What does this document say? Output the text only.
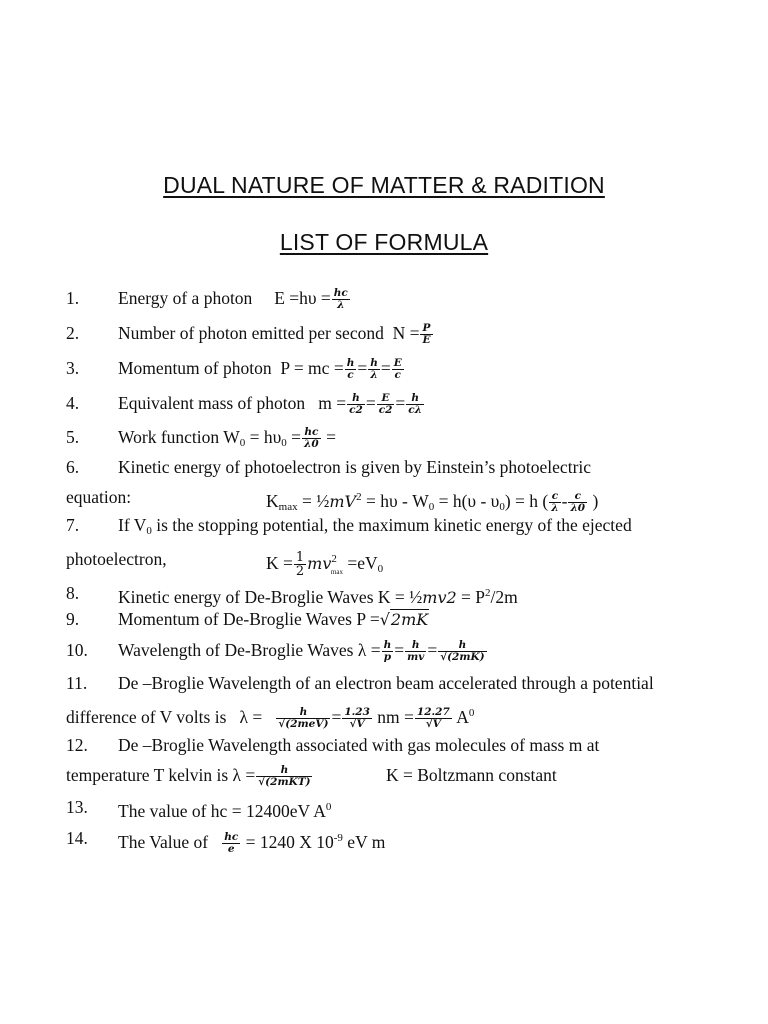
DUAL NATURE OF MATTER & RADITION
LIST OF FORMULA
1. Energy of a photon $E =h\upsilon = \frac{hc}{\lambda}$
2. Number of photon emitted per second $N = \frac{P}{E}$
3. Momentum of photon P = mc = $\frac{h}{c} = \frac{h}{\lambda} = \frac{E}{c}$
4. Equivalent mass of photon $m = \frac{h}{c2} = \frac{E}{c2} = \frac{h}{c\lambda}$
5. Work function $W_0 = h\upsilon_0 = \frac{hc}{\lambda 0}$ =
6. Kinetic energy of photoelectron is given by Einstein’s photoelectric
equation:	$K_{max}$ = $\frac{1}{2}mV^2 = h\upsilon - W_0 = h(\upsilon - \upsilon_0) = h$ ( $\frac{c}{\lambda} - \frac{c}{\lambda 0}$ )
7. If $V_0$ is the stopping potential, the maximum kinetic energy of the ejected
photoelectron,	$K = \frac{1}{2} mv^2_{max} =eV_0$
8. Kinetic energy of De-Broglie Waves K = ½mv2 = $P^2/2m$
9. Momentum of De-Broglie Waves P =√2mK
10. Wavelength of De-Broglie Waves $\lambda = \frac{h}{p} = \frac{h}{mv} = \frac{h}{√(2mK)}$
11. De –Broglie Wavelength of an electron beam accelerated through a potential
difference of V volts is $\lambda = \frac{h}{\text{√(2meV)}} = \frac{1.23}{√V}$ nm = $\frac{12.27}{√V} A^0$
12. De –Broglie Wavelength associated with gas molecules of mass m at
temperature T kelvin is $\lambda = \frac{h}{\text{√(2mKT)}}$	K = Boltzmann constant
13. The value of hc = 12400eV $A^0$
14. The Value of $\frac{hc}{e} = 1240$ X $10^{-9}$ eV m
